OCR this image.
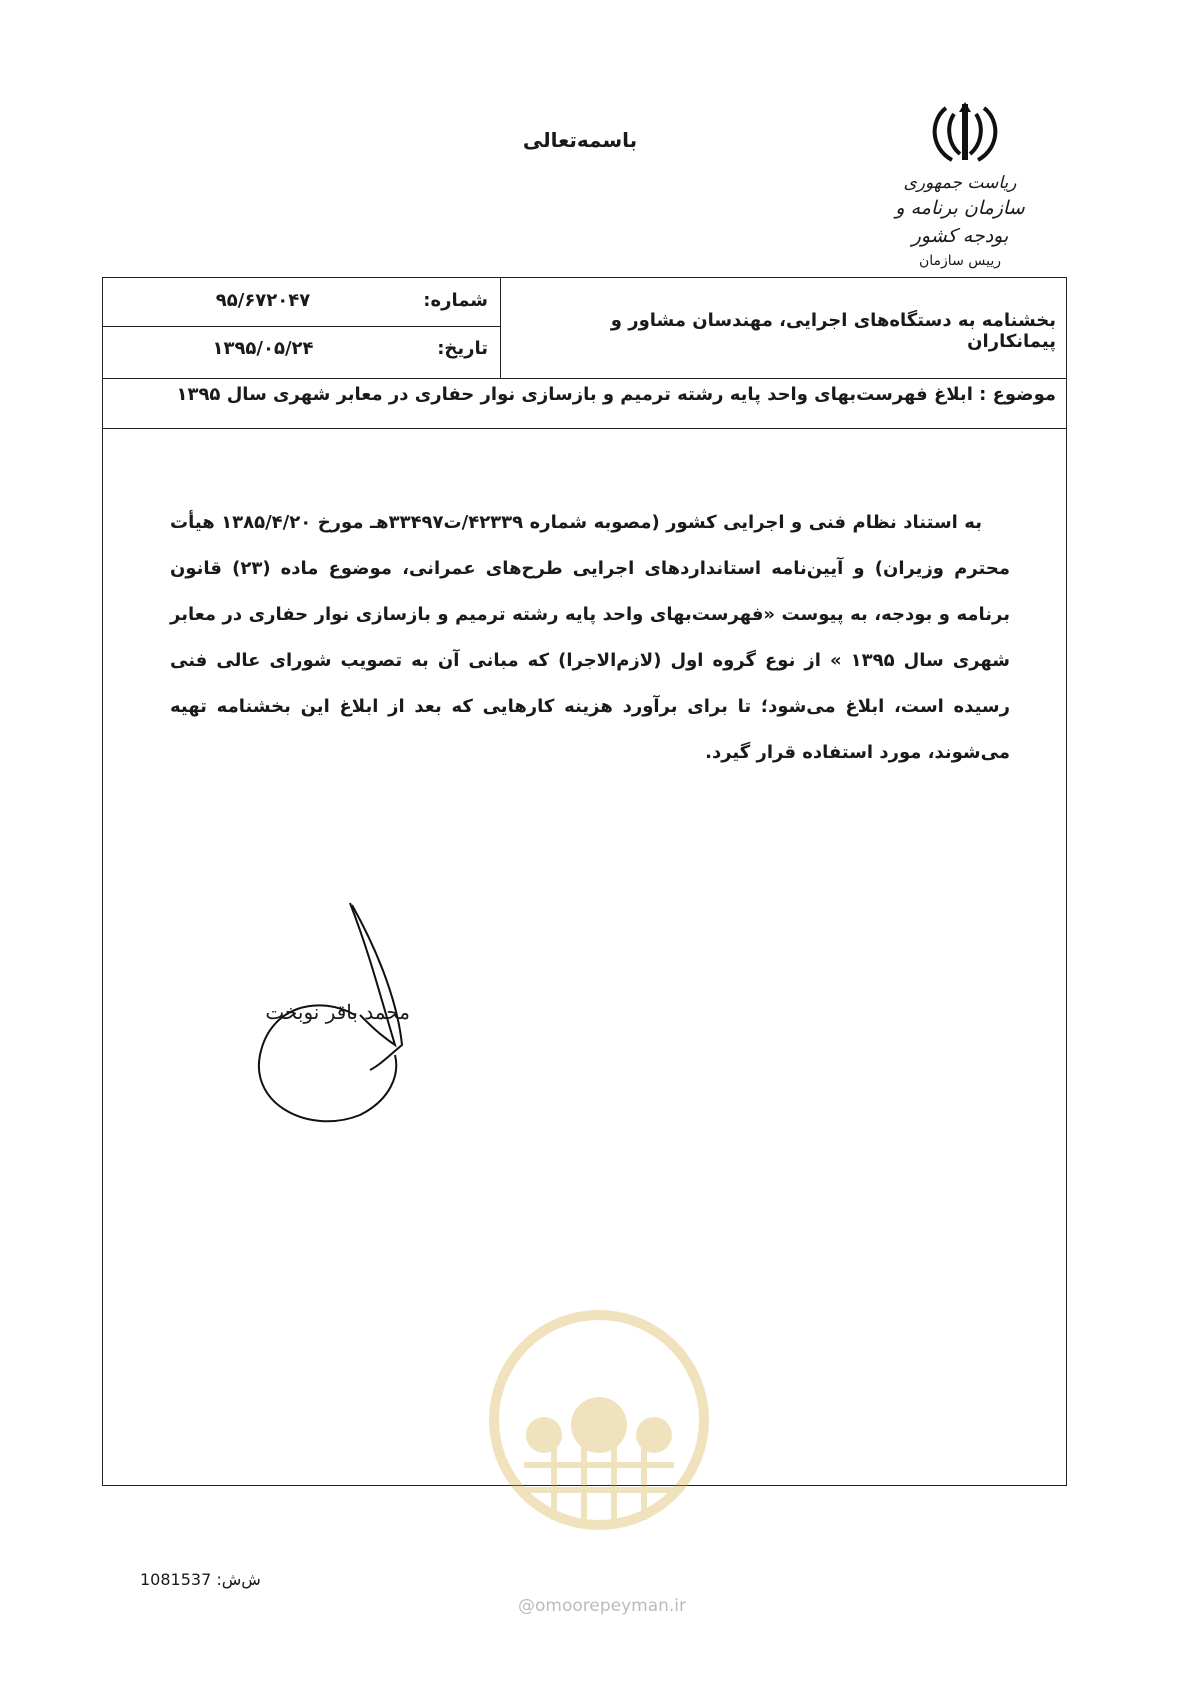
باسمه‌تعالی
ریاست جمهوری
سازمان برنامه و بودجه کشور
رییس سازمان
بخشنامه به دستگاه‌های اجرایی، مهندسان مشاور و پیمانکاران
شماره:
۹۵/۶۷۲۰۴۷
تاریخ:
۱۳۹۵/۰۵/۲۴
موضوع : ابلاغ فهرست‌بهای واحد پایه رشته ترمیم و بازسازی نوار حفاری در معابر شهری سال ۱۳۹۵

به استناد نظام فنی و اجرایی کشور (مصوبه شماره ۴۲۳۳۹/ت۳۳۴۹۷هـ مورخ ۱۳۸۵/۴/۲۰ هیأت محترم وزیران) و آیین‌نامه استانداردهای اجرایی طرح‌های عمرانی، موضوع ماده (۲۳) قانون برنامه و بودجه، به پیوست «فهرست‌بهای واحد پایه رشته ترمیم و بازسازی نوار حفاری در معابر شهری سال ۱۳۹۵ » از نوع گروه اول (لازم‌الاجرا) که مبانی آن به تصویب شورای عالی فنی رسیده است، ابلاغ می‌شود؛ تا برای برآورد هزینه کارهایی که بعد از ابلاغ این بخشنامه تهیه می‌شوند، مورد استفاده قرار گیرد.

محمد باقر نوبخت
ش‌ش: 1081537
@omoorepeyman.ir
